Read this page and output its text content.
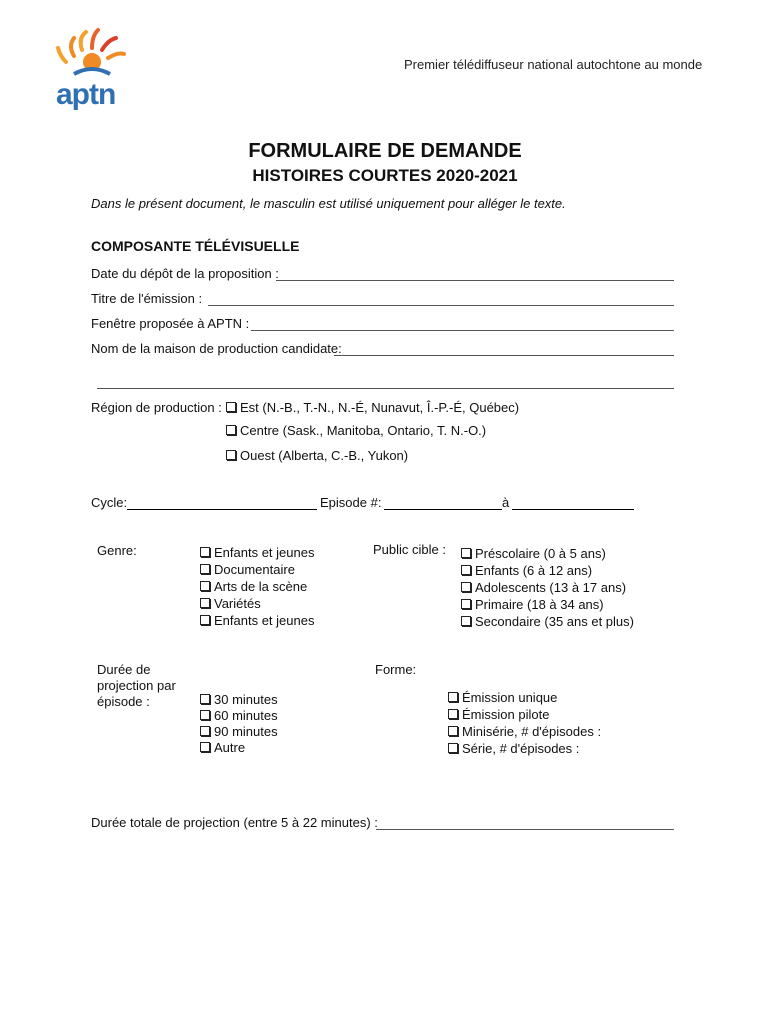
aptn
Premier télédiffuseur national autochtone au monde
FORMULAIRE DE DEMANDE
HISTOIRES COURTES 2020-2021
Dans le présent document, le masculin est utilisé uniquement pour alléger le texte.
COMPOSANTE TÉLÉVISUELLE
Date du dépôt de la proposition :
Titre de l'émission :
Fenêtre proposée à APTN :
Nom de la maison de production candidate:
Région de production :	Est (N.-B., T.-N., N.-É, Nunavut, Î.-P.-É, Québec)
Centre (Sask., Manitoba, Ontario, T. N.-O.)
Ouest (Alberta, C.-B., Yukon)
Cycle:	Episode #:	à
Genre:	Enfants et jeunes
Documentaire
Arts de la scène
Variétés
Enfants et jeunes
Public cible :	Préscolaire (0 à 5 ans)
Enfants (6 à 12 ans)
Adolescents (13 à 17 ans)
Primaire (18 à 34 ans)
Secondaire (35 ans et plus)
Durée de
projection par
épisode :	30 minutes
60 minutes
90 minutes
Autre
Forme:
Émission unique
Émission pilote
Minisérie, # d'épisodes :
Série, # d'épisodes :
Durée totale de projection (entre 5 à 22 minutes) :
